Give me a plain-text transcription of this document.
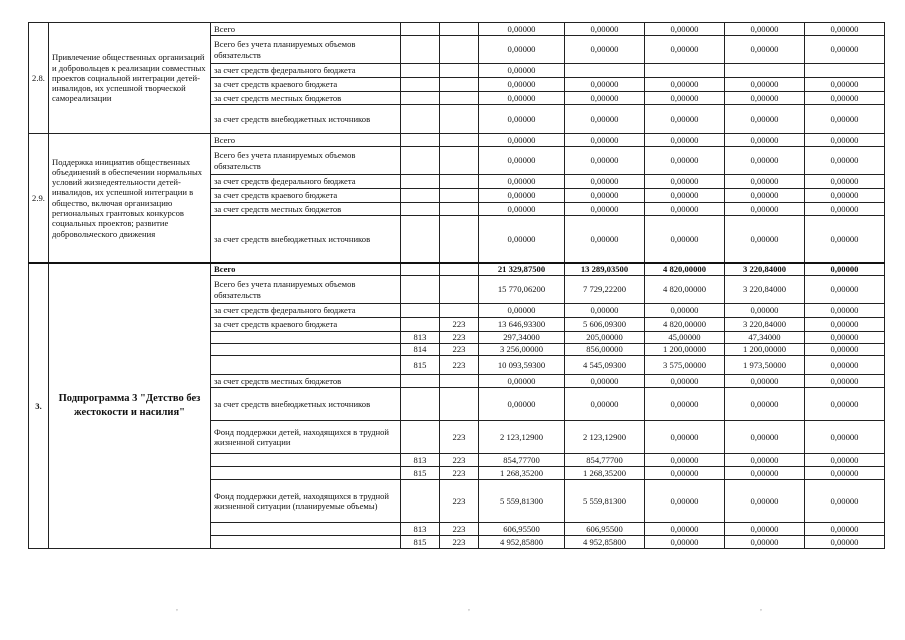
2.8.	Привлечение общественных организаций и добровольцев к реализации совместных проектов социальной интеграции детей-инвалидов, их успешной творческой самореализации	Всего			0,00000	0,00000	0,00000	0,00000	0,00000
		Всего без учета планируемых объемов обязательств			0,00000	0,00000	0,00000	0,00000	0,00000
		за счет средств федерального бюджета			0,00000				
		за счет средств краевого бюджета			0,00000	0,00000	0,00000	0,00000	0,00000
		за счет средств местных бюджетов			0,00000	0,00000	0,00000	0,00000	0,00000
		за счет средств внебюджетных источников			0,00000	0,00000	0,00000	0,00000	0,00000
2.9.	Поддержка инициатив общественных объединений в обеспечении нормальных условий жизнедеятельности детей-инвалидов, их успешной интеграции в общество, включая организацию региональных грантовых конкурсов социальных проектов; развитие добровольческого движения	Всего			0,00000	0,00000	0,00000	0,00000	0,00000
		Всего без учета планируемых объемов обязательств			0,00000	0,00000	0,00000	0,00000	0,00000
		за счет средств федерального бюджета			0,00000	0,00000	0,00000	0,00000	0,00000
		за счет средств краевого бюджета			0,00000	0,00000	0,00000	0,00000	0,00000
		за счет средств местных бюджетов			0,00000	0,00000	0,00000	0,00000	0,00000
		за счет средств внебюджетных источников			0,00000	0,00000	0,00000	0,00000	0,00000
3.	Подпрограмма 3 "Детство без жестокости и насилия"	Всего			21 329,87500	13 289,03500	4 820,00000	3 220,84000	0,00000
		Всего без учета планируемых объемов обязательств			15 770,06200	7 729,22200	4 820,00000	3 220,84000	0,00000
		за счет средств федерального бюджета			0,00000	0,00000	0,00000	0,00000	0,00000
		за счет средств краевого бюджета		223	13 646,93300	5 606,09300	4 820,00000	3 220,84000	0,00000
			813	223	297,34000	205,00000	45,00000	47,34000	0,00000
			814	223	3 256,00000	856,00000	1 200,00000	1 200,00000	0,00000
			815	223	10 093,59300	4 545,09300	3 575,00000	1 973,50000	0,00000
		за счет средств местных бюджетов			0,00000	0,00000	0,00000	0,00000	0,00000
		за счет средств внебюджетных источников			0,00000	0,00000	0,00000	0,00000	0,00000
		Фонд поддержки детей, находящихся в трудной жизненной ситуации		223	2 123,12900	2 123,12900	0,00000	0,00000	0,00000
			813	223	854,77700	854,77700	0,00000	0,00000	0,00000
			815	223	1 268,35200	1 268,35200	0,00000	0,00000	0,00000
		Фонд поддержки детей, находящихся в трудной жизненной ситуации (планируемые объемы)		223	5 559,81300	5 559,81300	0,00000	0,00000	0,00000
			813	223	606,95500	606,95500	0,00000	0,00000	0,00000
			815	223	4 952,85800	4 952,85800	0,00000	0,00000	0,00000
,	,	,
